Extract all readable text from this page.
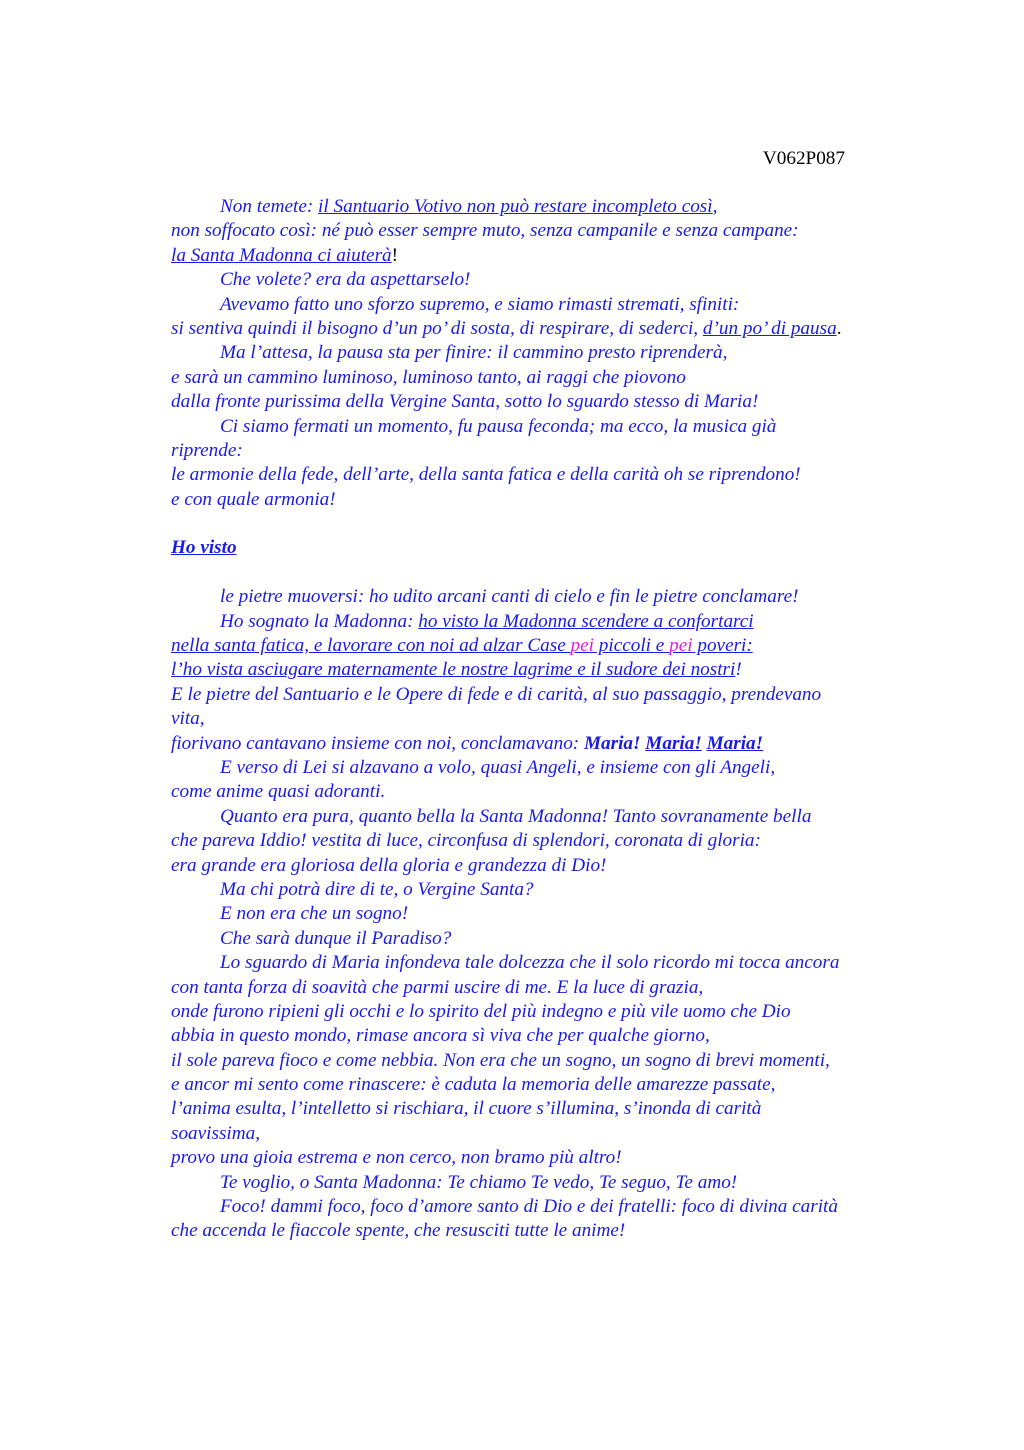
V062P087
Non temete: il Santuario Votivo non può restare incompleto così,
non soffocato così: né può esser sempre muto, senza campanile e senza campane:
la Santa Madonna ci aiuterà!
Che volete? era da aspettarselo!
Avevamo fatto uno sforzo supremo, e siamo rimasti stremati, sfiniti:
si sentiva quindi il bisogno d’un po’ di sosta, di respirare, di sederci, d’un po’ di pausa.
Ma l’attesa, la pausa sta per finire: il cammino presto riprenderà,
e sarà un cammino luminoso, luminoso tanto, ai raggi che piovono
dalla fronte purissima della Vergine Santa, sotto lo sguardo stesso di Maria!
Ci siamo fermati un momento, fu pausa feconda; ma ecco, la musica già
riprende:
le armonie della fede, dell’arte, della santa fatica e della carità oh se riprendono!
e con quale armonia!
Ho visto
le pietre muoversi: ho udito arcani canti di cielo e fin le pietre conclamare!
Ho sognato la Madonna: ho visto la Madonna scendere a confortarci
nella santa fatica, e lavorare con noi ad alzar Case pei piccoli e pei poveri:
l’ho vista asciugare maternamente le nostre lagrime e il sudore dei nostri!
E le pietre del Santuario e le Opere di fede e di carità, al suo passaggio, prendevano
vita,
fiorivano cantavano insieme con noi, conclamavano: Maria! Maria! Maria!
E verso di Lei si alzavano a volo, quasi Angeli, e insieme con gli Angeli,
come anime quasi adoranti.
Quanto era pura, quanto bella la Santa Madonna! Tanto sovranamente bella
che pareva Iddio! vestita di luce, circonfusa di splendori, coronata di gloria:
era grande era gloriosa della gloria e grandezza di Dio!
Ma chi potrà dire di te, o Vergine Santa?
E non era che un sogno!
Che sarà dunque il Paradiso?
Lo sguardo di Maria infondeva tale dolcezza che il solo ricordo mi tocca ancora
con tanta forza di soavità che parmi uscire di me. E la luce di grazia,
onde furono ripieni gli occhi e lo spirito del più indegno e più vile uomo che Dio
abbia in questo mondo, rimase ancora sì viva che per qualche giorno,
il sole pareva fioco e come nebbia. Non era che un sogno, un sogno di brevi momenti,
e ancor mi sento come rinascere: è caduta la memoria delle amarezze passate,
l’anima esulta, l’intelletto si rischiara, il cuore s’illumina, s’inonda di carità
soavissima,
provo una gioia estrema e non cerco, non bramo più altro!
Te voglio, o Santa Madonna: Te chiamo Te vedo, Te seguo, Te amo!
Foco! dammi foco, foco d’amore santo di Dio e dei fratelli: foco di divina carità
che accenda le fiaccole spente, che resusciti tutte le anime!
